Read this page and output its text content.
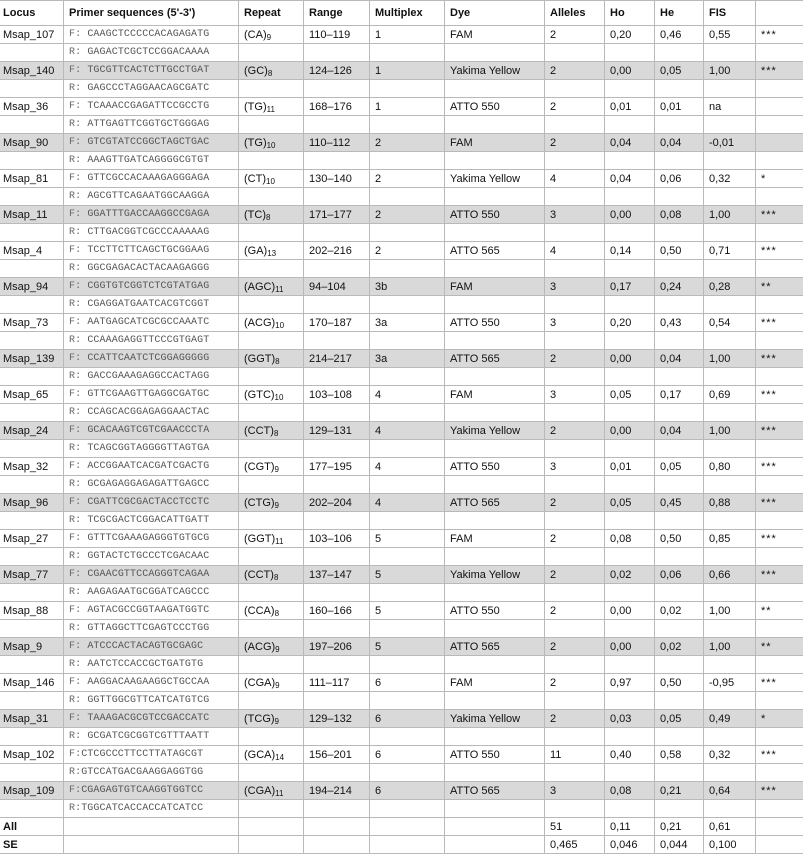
Locus	Primer sequences (5'-3')	Repeat	Range	Multiplex	Dye	Alleles	Ho	He	FIS	
Msap_107	F: CAAGCTCCCCCACAGAGATG	$(CA)_9$	110–119	1	FAM	2	0,20	0,46	0,55	***
	R: GAGACTCGCTCCGGACAAAA									
Msap_140	F: TGCGTTCACTCTTGCCTGAT	$(GC)_8$	124–126	1	Yakima Yellow	2	0,00	0,05	1,00	***
	R: GAGCCCTAGGAACAGCGATC									
Msap_36	F: TCAAACCGAGATTCCGCCTG	$(TG)_{11}$	168–176	1	ATTO 550	2	0,01	0,01	na	
	R: ATTGAGTTCGGTGCTGGGAG									
Msap_90	F: GTCGTATCCGGCTAGCTGAC	$(TG)_{10}$	110–112	2	FAM	2	0,04	0,04	-0,01	
	R: AAAGTTGATCAGGGGCGTGT									
Msap_81	F: GTTCGCCACAAAGAGGGAGA	$(CT)_{10}$	130–140	2	Yakima Yellow	4	0,04	0,06	0,32	*
	R: AGCGTTCAGAATGGCAAGGA									
Msap_11	F: GGATTTGACCAAGGCCGAGA	$(TC)_8$	171–177	2	ATTO 550	3	0,00	0,08	1,00	***
	R: CTTGACGGTCGCCCAAAAAG									
Msap_4	F: TCCTTCTTCAGCTGCGGAAG	$(GA)_{13}$	202–216	2	ATTO 565	4	0,14	0,50	0,71	***
	R: GGCGAGACACTACAAGAGGG									
Msap_94	F: CGGTGTCGGTCTCGTATGAG	$(AGC)_{11}$	94–104	3b	FAM	3	0,17	0,24	0,28	**
	R: CGAGGATGAATCACGTCGGT									
Msap_73	F: AATGAGCATCGCGCCAAATC	$(ACG)_{10}$	170–187	3a	ATTO 550	3	0,20	0,43	0,54	***
	R: CCAAAGAGGTTCCCGTGAGT									
Msap_139	F: CCATTCAATCTCGGAGGGGG	$(GGT)_8$	214–217	3a	ATTO 565	2	0,00	0,04	1,00	***
	R: GACCGAAAGAGGCCACTAGG									
Msap_65	F: GTTCGAAGTTGAGGCGATGC	$(GTC)_{10}$	103–108	4	FAM	3	0,05	0,17	0,69	***
	R: CCAGCACGGAGAGGAACTAC									
Msap_24	F: GCACAAGTCGTCGAACCCTA	$(CCT)_8$	129–131	4	Yakima Yellow	2	0,00	0,04	1,00	***
	R: TCAGCGGTAGGGGTTAGTGA									
Msap_32	F: ACCGGAATCACGATCGACTG	$(CGT)_9$	177–195	4	ATTO 550	3	0,01	0,05	0,80	***
	R: GCGAGAGGAGAGATTGAGCC									
Msap_96	F: CGATTCGCGACTACCTCCTC	$(CTG)_9$	202–204	4	ATTO 565	2	0,05	0,45	0,88	***
	R: TCGCGACTCGGACATTGATT									
Msap_27	F: GTTTCGAAAGAGGGTGTGCG	$(GGT)_{11}$	103–106	5	FAM	2	0,08	0,50	0,85	***
	R: GGTACTCTGCCCTCGACAAC									
Msap_77	F: CGAACGTTCCAGGGTCAGAA	$(CCT)_8$	137–147	5	Yakima Yellow	2	0,02	0,06	0,66	***
	R: AAGAGAATGCGGATCAGCCC									
Msap_88	F: AGTACGCCGGTAAGATGGTC	$(CCA)_8$	160–166	5	ATTO 550	2	0,00	0,02	1,00	**
	R: GTTAGGCTTCGAGTCCCTGG									
Msap_9	F: ATCCCACTACAGTGCGAGC	$(ACG)_9$	197–206	5	ATTO 565	2	0,00	0,02	1,00	**
	R: AATCTCCACCGCTGATGTG									
Msap_146	F: AAGGACAAGAAGGCTGCCAA	$(CGA)_9$	111–117	6	FAM	2	0,97	0,50	-0,95	***
	R: GGTTGGCGTTCATCATGTCG									
Msap_31	F: TAAAGACGCGTCCGACCATC	$(TCG)_9$	129–132	6	Yakima Yellow	2	0,03	0,05	0,49	*
	R: GCGATCGCGGTCGTTTAATT									
Msap_102	F:CTCGCCCTTCCTTATAGCGT	$(GCA)_{14}$	156–201	6	ATTO 550	11	0,40	0,58	0,32	***
	R:GTCCATGACGAAGGAGGTGG									
Msap_109	F:CGAGAGTGTCAAGGTGGTCC	$(CGA)_{11}$	194–214	6	ATTO 565	3	0,08	0,21	0,64	***
	R:TGGCATCACCACCATCATCC									
All						51	0,11	0,21	0,61	
SE						0,465	0,046	0,044	0,100	
